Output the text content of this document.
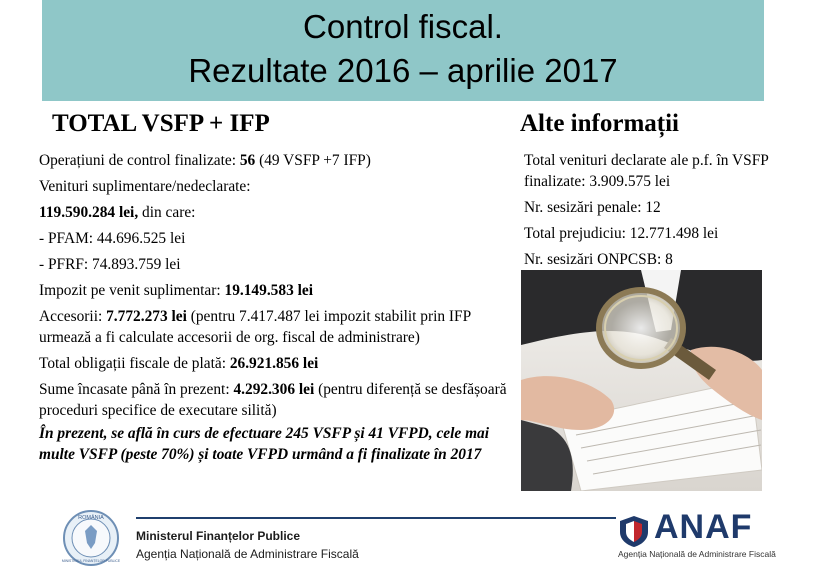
Control fiscal.
Rezultate 2016 – aprilie 2017
TOTAL VSFP + IFP	Alte informații
Operațiuni de control finalizate: 56 (49 VSFP +7 IFP)
Venituri suplimentare/nedeclarate:
119.590.284 lei, din care:
- PFAM: 44.696.525 lei
- PFRF: 74.893.759 lei
Impozit pe venit suplimentar: 19.149.583 lei
Accesorii: 7.772.273 lei (pentru 7.417.487 lei impozit stabilit prin IFP urmează a fi calculate accesorii de org. fiscal de administrare)
Total obligații fiscale de plată: 26.921.856 lei
Sume încasate până în prezent: 4.292.306 lei (pentru diferență se desfășoară proceduri specifice de executare silită)
În prezent, se află în curs de efectuare 245 VSFP și 41 VFPD, cele mai multe VSFP (peste 70%) și toate VFPD urmând a fi finalizate în 2017
Total venituri declarate ale p.f. în VSFP finalizate: 3.909.575 lei
Nr. sesizări penale: 12
Total prejudiciu: 12.771.498 lei
Nr. sesizări ONPCSB: 8
ROMÂNIA
MINISTERUL FINANȚELOR PUBLICE
Ministerul Finanțelor Publice
Agenția Națională de Administrare Fiscală
ANAF
Agenția Națională de Administrare Fiscală
